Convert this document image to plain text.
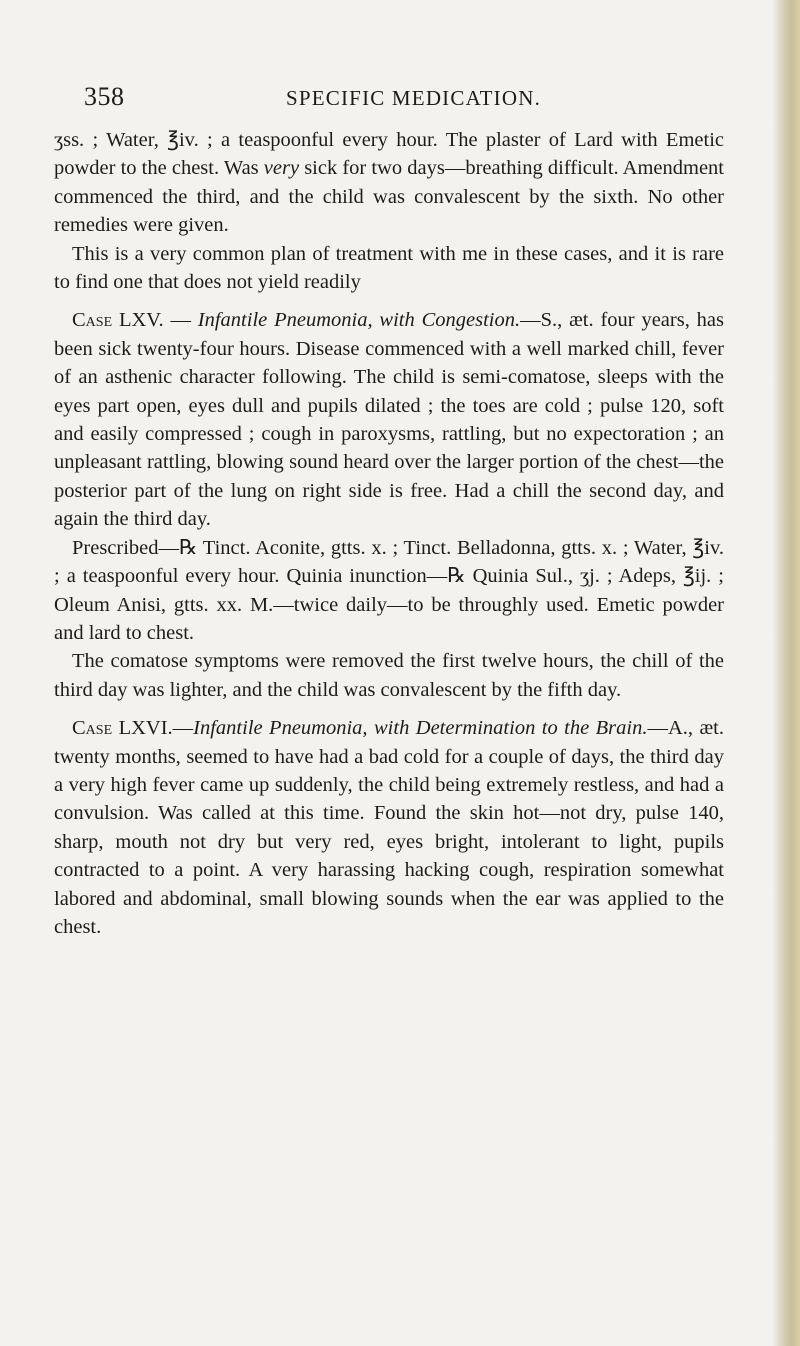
358	SPECIFIC MEDICATION.

ʒss. ; Water, ℥iv. ; a teaspoonful every hour. The plaster of Lard with Emetic powder to the chest. Was very sick for two days—breathing difficult. Amendment commenced the third, and the child was convalescent by the sixth. No other remedies were given.

This is a very common plan of treatment with me in these cases, and it is rare to find one that does not yield readily

Case LXV. — Infantile Pneumonia, with Congestion.—S., æt. four years, has been sick twenty-four hours. Disease commenced with a well marked chill, fever of an asthenic character following. The child is semi-comatose, sleeps with the eyes part open, eyes dull and pupils dilated ; the toes are cold ; pulse 120, soft and easily compressed ; cough in paroxysms, rattling, but no expectoration ; an unpleasant rattling, blowing sound heard over the larger portion of the chest—the posterior part of the lung on right side is free. Had a chill the second day, and again the third day.

Prescribed—℞ Tinct. Aconite, gtts. x. ; Tinct. Belladonna, gtts. x. ; Water, ℥iv. ; a teaspoonful every hour. Quinia inunction—℞ Quinia Sul., ʒj. ; Adeps, ℥ij. ; Oleum Anisi, gtts. xx. M.—twice daily—to be throughly used. Emetic powder and lard to chest.

The comatose symptoms were removed the first twelve hours, the chill of the third day was lighter, and the child was convalescent by the fifth day.

Case LXVI.—Infantile Pneumonia, with Determination to the Brain.—A., æt. twenty months, seemed to have had a bad cold for a couple of days, the third day a very high fever came up suddenly, the child being extremely restless, and had a convulsion. Was called at this time. Found the skin hot—not dry, pulse 140, sharp, mouth not dry but very red, eyes bright, intolerant to light, pupils contracted to a point. A very harassing hacking cough, respiration somewhat labored and abdominal, small blowing sounds when the ear was applied to the chest.
